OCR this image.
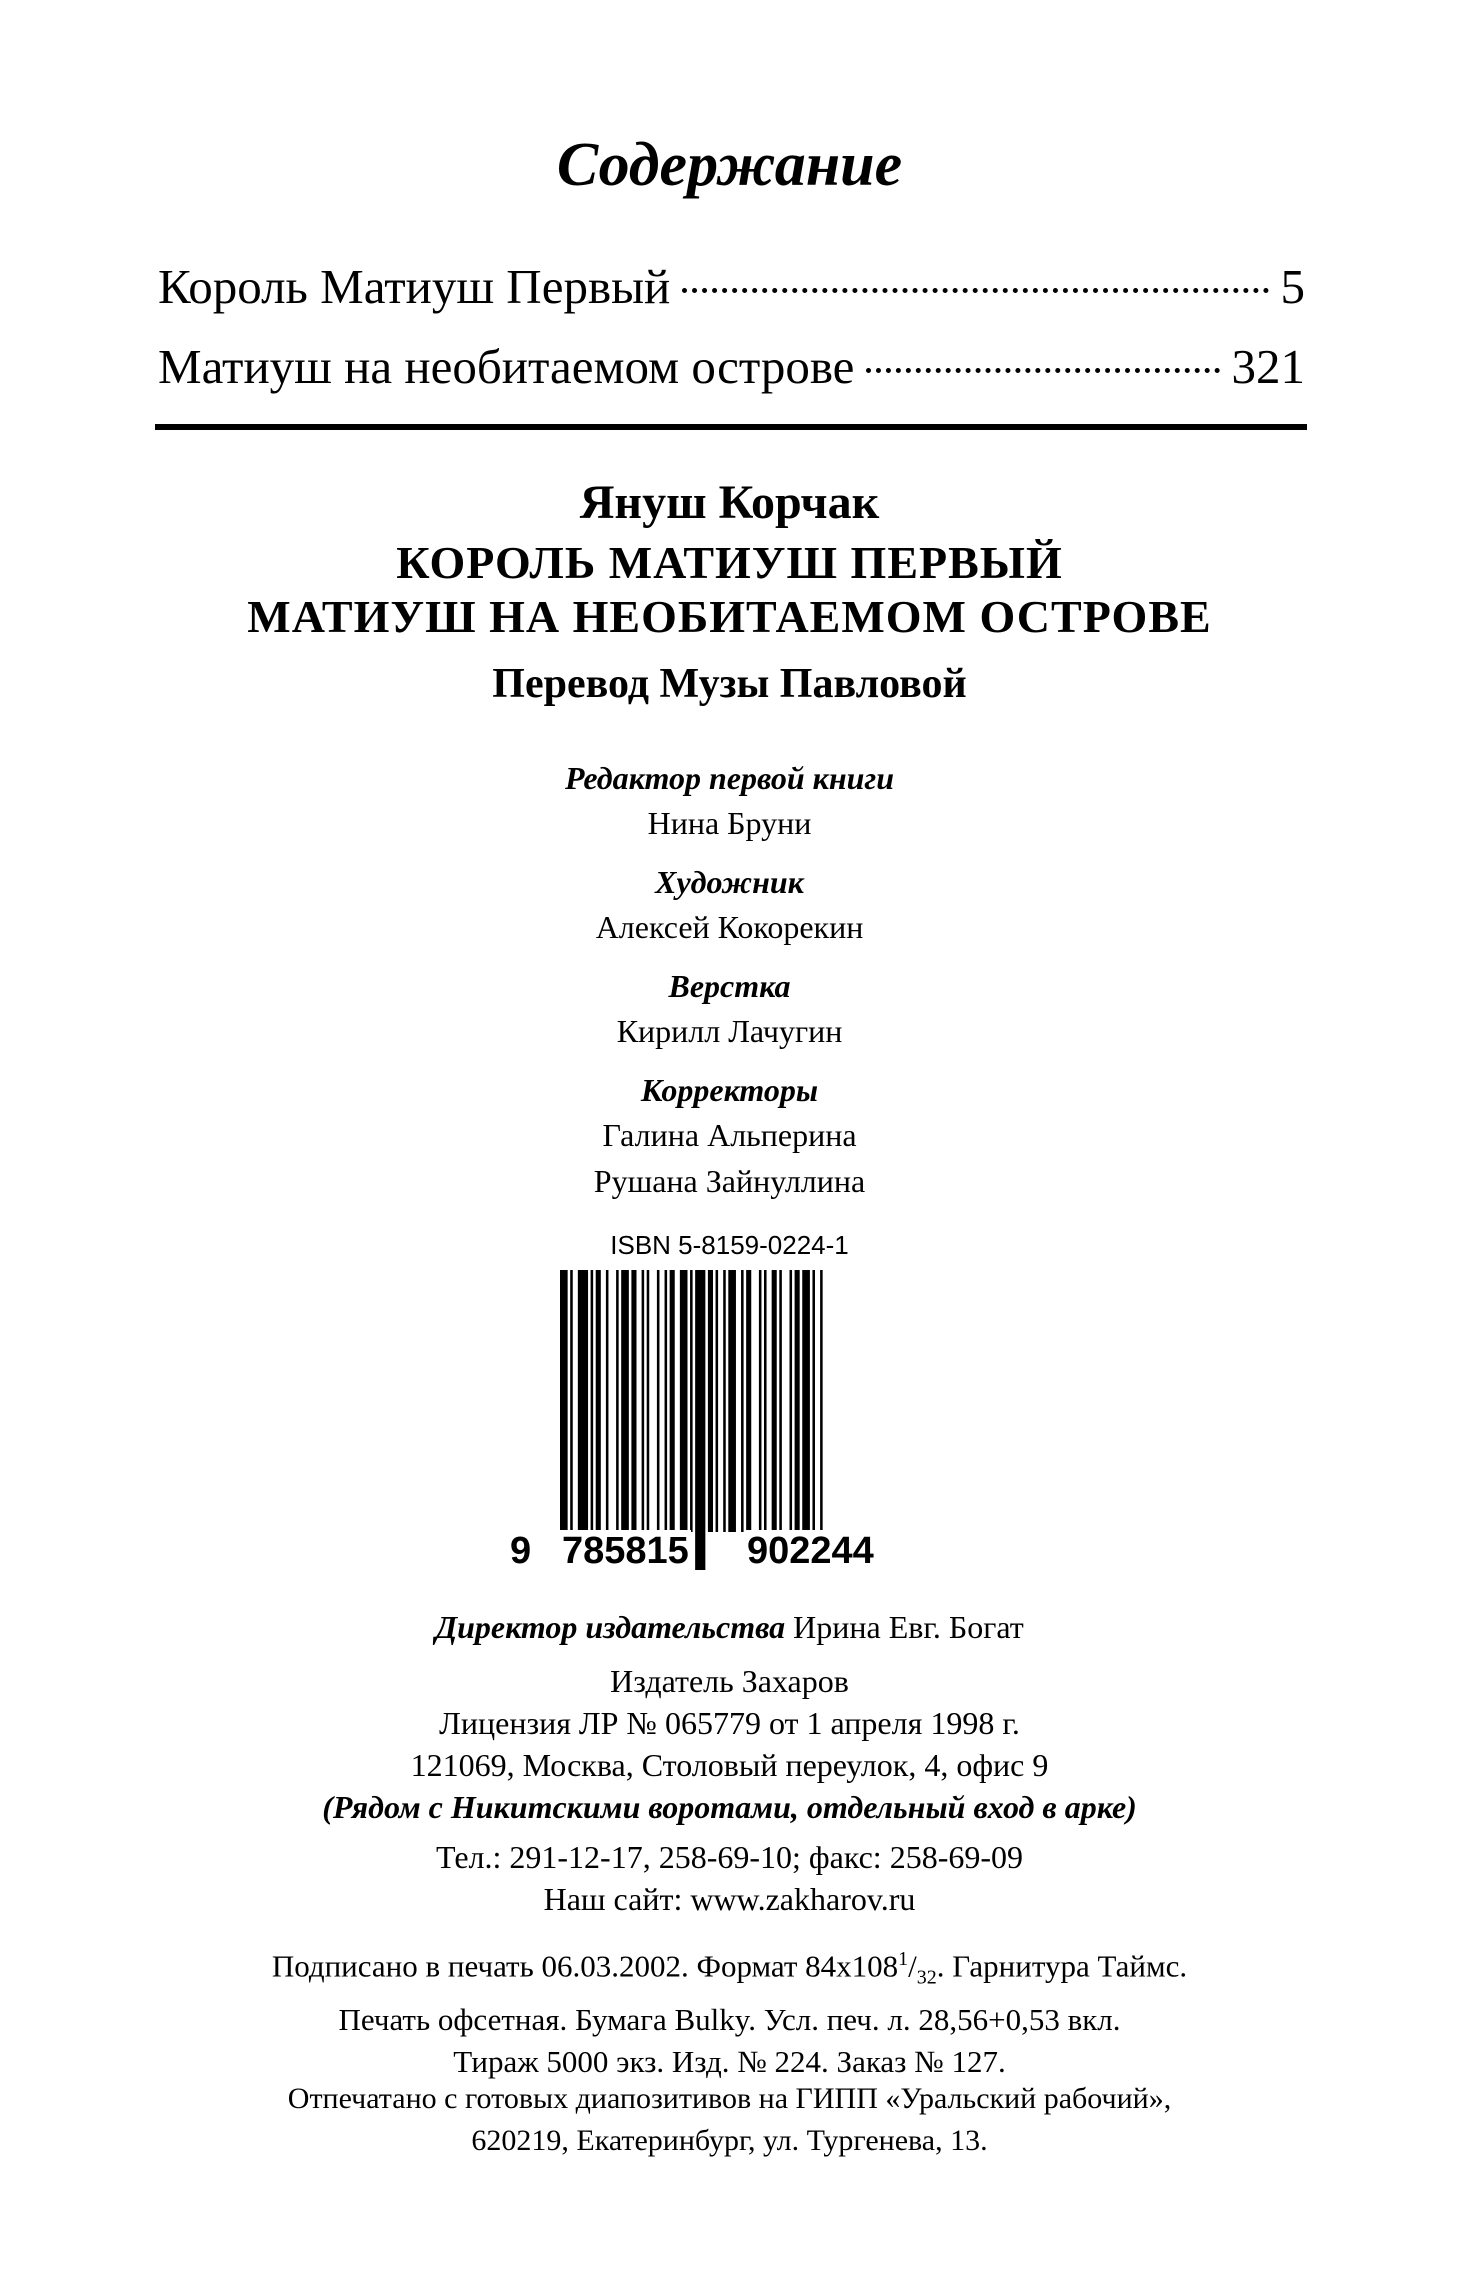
Содержание
Король Матиуш Первый	5
Матиуш на необитаемом острове	321
Януш Корчак
КОРОЛЬ МАТИУШ ПЕРВЫЙ
МАТИУШ НА НЕОБИТАЕМОМ ОСТРОВЕ
Перевод Музы Павловой
Редактор первой книги
Нина Бруни
Художник
Алексей Кокорекин
Верстка
Кирилл Лачугин
Корректоры
Галина Альперина
Рушана Зайнуллина
ISBN 5-8159-0224-1
9 785815 902244
Директор издательства Ирина Евг. Богат
Издатель Захаров
Лицензия ЛР № 065779 от 1 апреля 1998 г.
121069, Москва, Столовый переулок, 4, офис 9
(Рядом с Никитскими воротами, отдельный вход в арке)
Тел.: 291-12-17, 258-69-10; факс: 258-69-09
Наш сайт: www.zakharov.ru
Подписано в печать 06.03.2002. Формат $84x108^1/_{32}$. Гарнитура Таймс.
Печать офсетная. Бумага Bulky. Усл. печ. л. 28,56+0,53 вкл.
Тираж 5000 экз. Изд. № 224. Заказ № 127.
Отпечатано с готовых диапозитивов на ГИПП «Уральский рабочий»,
620219, Екатеринбург, ул. Тургенева, 13.
